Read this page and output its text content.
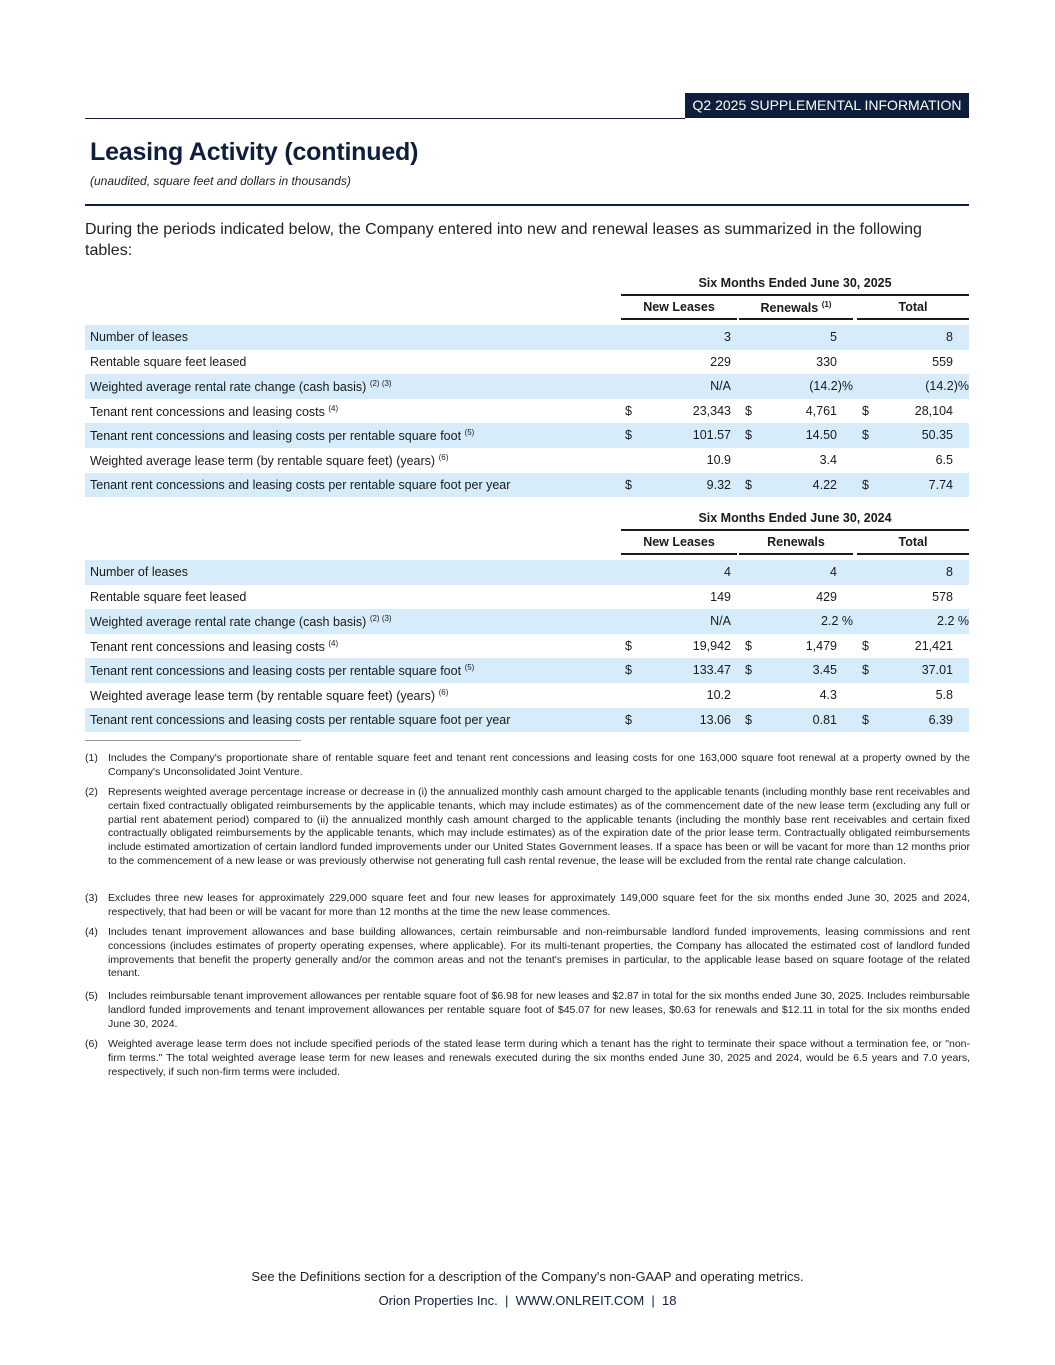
Q2 2025 SUPPLEMENTAL INFORMATION
Leasing Activity (continued)
(unaudited, square feet and dollars in thousands)
During the periods indicated below, the Company entered into new and renewal leases as summarized in the following tables:
Six Months Ended June 30, 2025
New Leases	Renewals $^{(1)}$	Total
Number of leases	3	5	8
Rentable square feet leased	229	330	559
Weighted average rental rate change (cash basis) $^{(2) (3)}$	N/A	(14.2)%	(14.2)%
Tenant rent concessions and leasing costs $^{(4)}$	$	23,343 $	4,761 $	28,104
Tenant rent concessions and leasing costs per rentable square foot $^{(5)}$	$	101.57 $	14.50 $	50.35
Weighted average lease term (by rentable square feet) (years) $^{(6)}$	10.9	3.4	6.5
Tenant rent concessions and leasing costs per rentable square foot per year	$	9.32 $	4.22 $	7.74
Six Months Ended June 30, 2024
New Leases	Renewals	Total
Number of leases	4	4	8
Rentable square feet leased	149	429	578
Weighted average rental rate change (cash basis) $^{(2) (3)}$	N/A	2.2 %	2.2 %
Tenant rent concessions and leasing costs $^{(4)}$	$	19,942 $	1,479 $	21,421
Tenant rent concessions and leasing costs per rentable square foot $^{(5)}$	$	133.47 $	3.45 $	37.01
Weighted average lease term (by rentable square feet) (years) $^{(6)}$	10.2	4.3	5.8
Tenant rent concessions and leasing costs per rentable square foot per year	$	13.06 $	0.81 $	6.39
(1) Includes the Company's proportionate share of rentable square feet and tenant rent concessions and leasing costs for one 163,000 square foot renewal at a property owned by the Company's Unconsolidated Joint Venture.
(2) Represents weighted average percentage increase or decrease in (i) the annualized monthly cash amount charged to the applicable tenants (including monthly base rent receivables and certain fixed contractually obligated reimbursements by the applicable tenants, which may include estimates) as of the commencement date of the new lease term (excluding any full or partial rent abatement period) compared to (ii) the annualized monthly cash amount charged to the applicable tenants (including the monthly base rent receivables and certain fixed contractually obligated reimbursements by the applicable tenants, which may include estimates) as of the expiration date of the prior lease term. Contractually obligated reimbursements include estimated amortization of certain landlord funded improvements under our United States Government leases. If a space has been or will be vacant for more than 12 months prior to the commencement of a new lease or was previously otherwise not generating full cash rental revenue, the lease will be excluded from the rental rate change calculation.
(3) Excludes three new leases for approximately 229,000 square feet and four new leases for approximately 149,000 square feet for the six months ended June 30, 2025 and 2024, respectively, that had been or will be vacant for more than 12 months at the time the new lease commences.
(4) Includes tenant improvement allowances and base building allowances, certain reimbursable and non-reimbursable landlord funded improvements, leasing commissions and rent concessions (includes estimates of property operating expenses, where applicable). For its multi-tenant properties, the Company has allocated the estimated cost of landlord funded improvements that benefit the property generally and/or the common areas and not the tenant's premises in particular, to the applicable lease based on square footage of the related tenant.
(5) Includes reimbursable tenant improvement allowances per rentable square foot of $6.98 for new leases and $2.87 in total for the six months ended June 30, 2025. Includes reimbursable landlord funded improvements and tenant improvement allowances per rentable square foot of $45.07 for new leases, $0.63 for renewals and $12.11 in total for the six months ended June 30, 2024.
(6) Weighted average lease term does not include specified periods of the stated lease term during which a tenant has the right to terminate their space without a termination fee, or "non-firm terms." The total weighted average lease term for new leases and renewals executed during the six months ended June 30, 2025 and 2024, would be 6.5 years and 7.0 years, respectively, if such non-firm terms were included.
See the Definitions section for a description of the Company's non-GAAP and operating metrics.
Orion Properties Inc.  |  WWW.ONLREIT.COM  |  18
